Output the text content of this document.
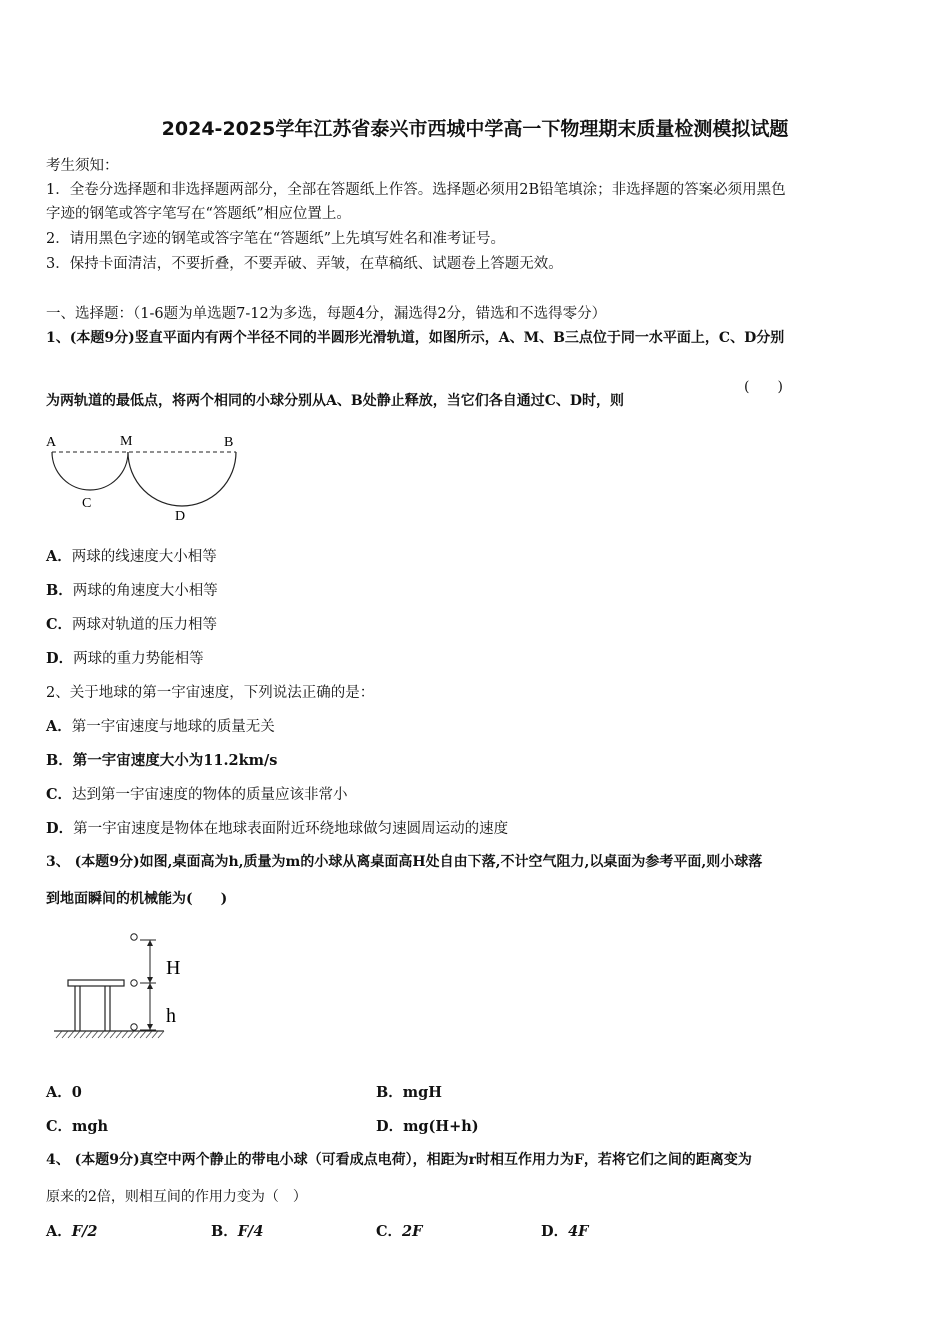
2024-2025学年江苏省泰兴市西城中学高一下物理期末质量检测模拟试题
考生须知：
1．全卷分选择题和非选择题两部分，全部在答题纸上作答。选择题必须用2B铅笔填涂；非选择题的答案必须用黑色
字迹的钢笔或答字笔写在“答题纸”相应位置上。
2．请用黑色字迹的钢笔或答字笔在“答题纸”上先填写姓名和准考证号。
3．保持卡面清洁，不要折叠，不要弄破、弄皱，在草稿纸、试题卷上答题无效。
一、选择题：（1-6题为单选题7-12为多选，每题4分，漏选得2分，错选和不选得零分）
1、(本题9分)竖直平面内有两个半径不同的半圆形光滑轨道，如图所示，A、M、B三点位于同一水平面上，C、D分别
为两轨道的最低点，将两个相同的小球分别从A、B处静止释放，当它们各自通过C、D时，则
(　　)
A	M	B
C
D
A．两球的线速度大小相等
B．两球的角速度大小相等
C．两球对轨道的压力相等
D．两球的重力势能相等
2、关于地球的第一宇宙速度，下列说法正确的是：
A．第一宇宙速度与地球的质量无关
B．第一宇宙速度大小为11.2km/s
C．达到第一宇宙速度的物体的质量应该非常小
D．第一宇宙速度是物体在地球表面附近环绕地球做匀速圆周运动的速度
3、 (本题9分)如图,桌面高为h,质量为m的小球从离桌面高H处自由下落,不计空气阻力,以桌面为参考平面,则小球落
到地面瞬间的机械能为(　　)
H
h
A．0	B．mgH
C．mgh	D．mg(H+h)
4、 (本题9分)真空中两个静止的带电小球（可看成点电荷），相距为r时相互作用力为F，若将它们之间的距离变为
原来的2倍，则相互间的作用力变为（　）
A．F/2	B．F/4	C．2F	D．4F
